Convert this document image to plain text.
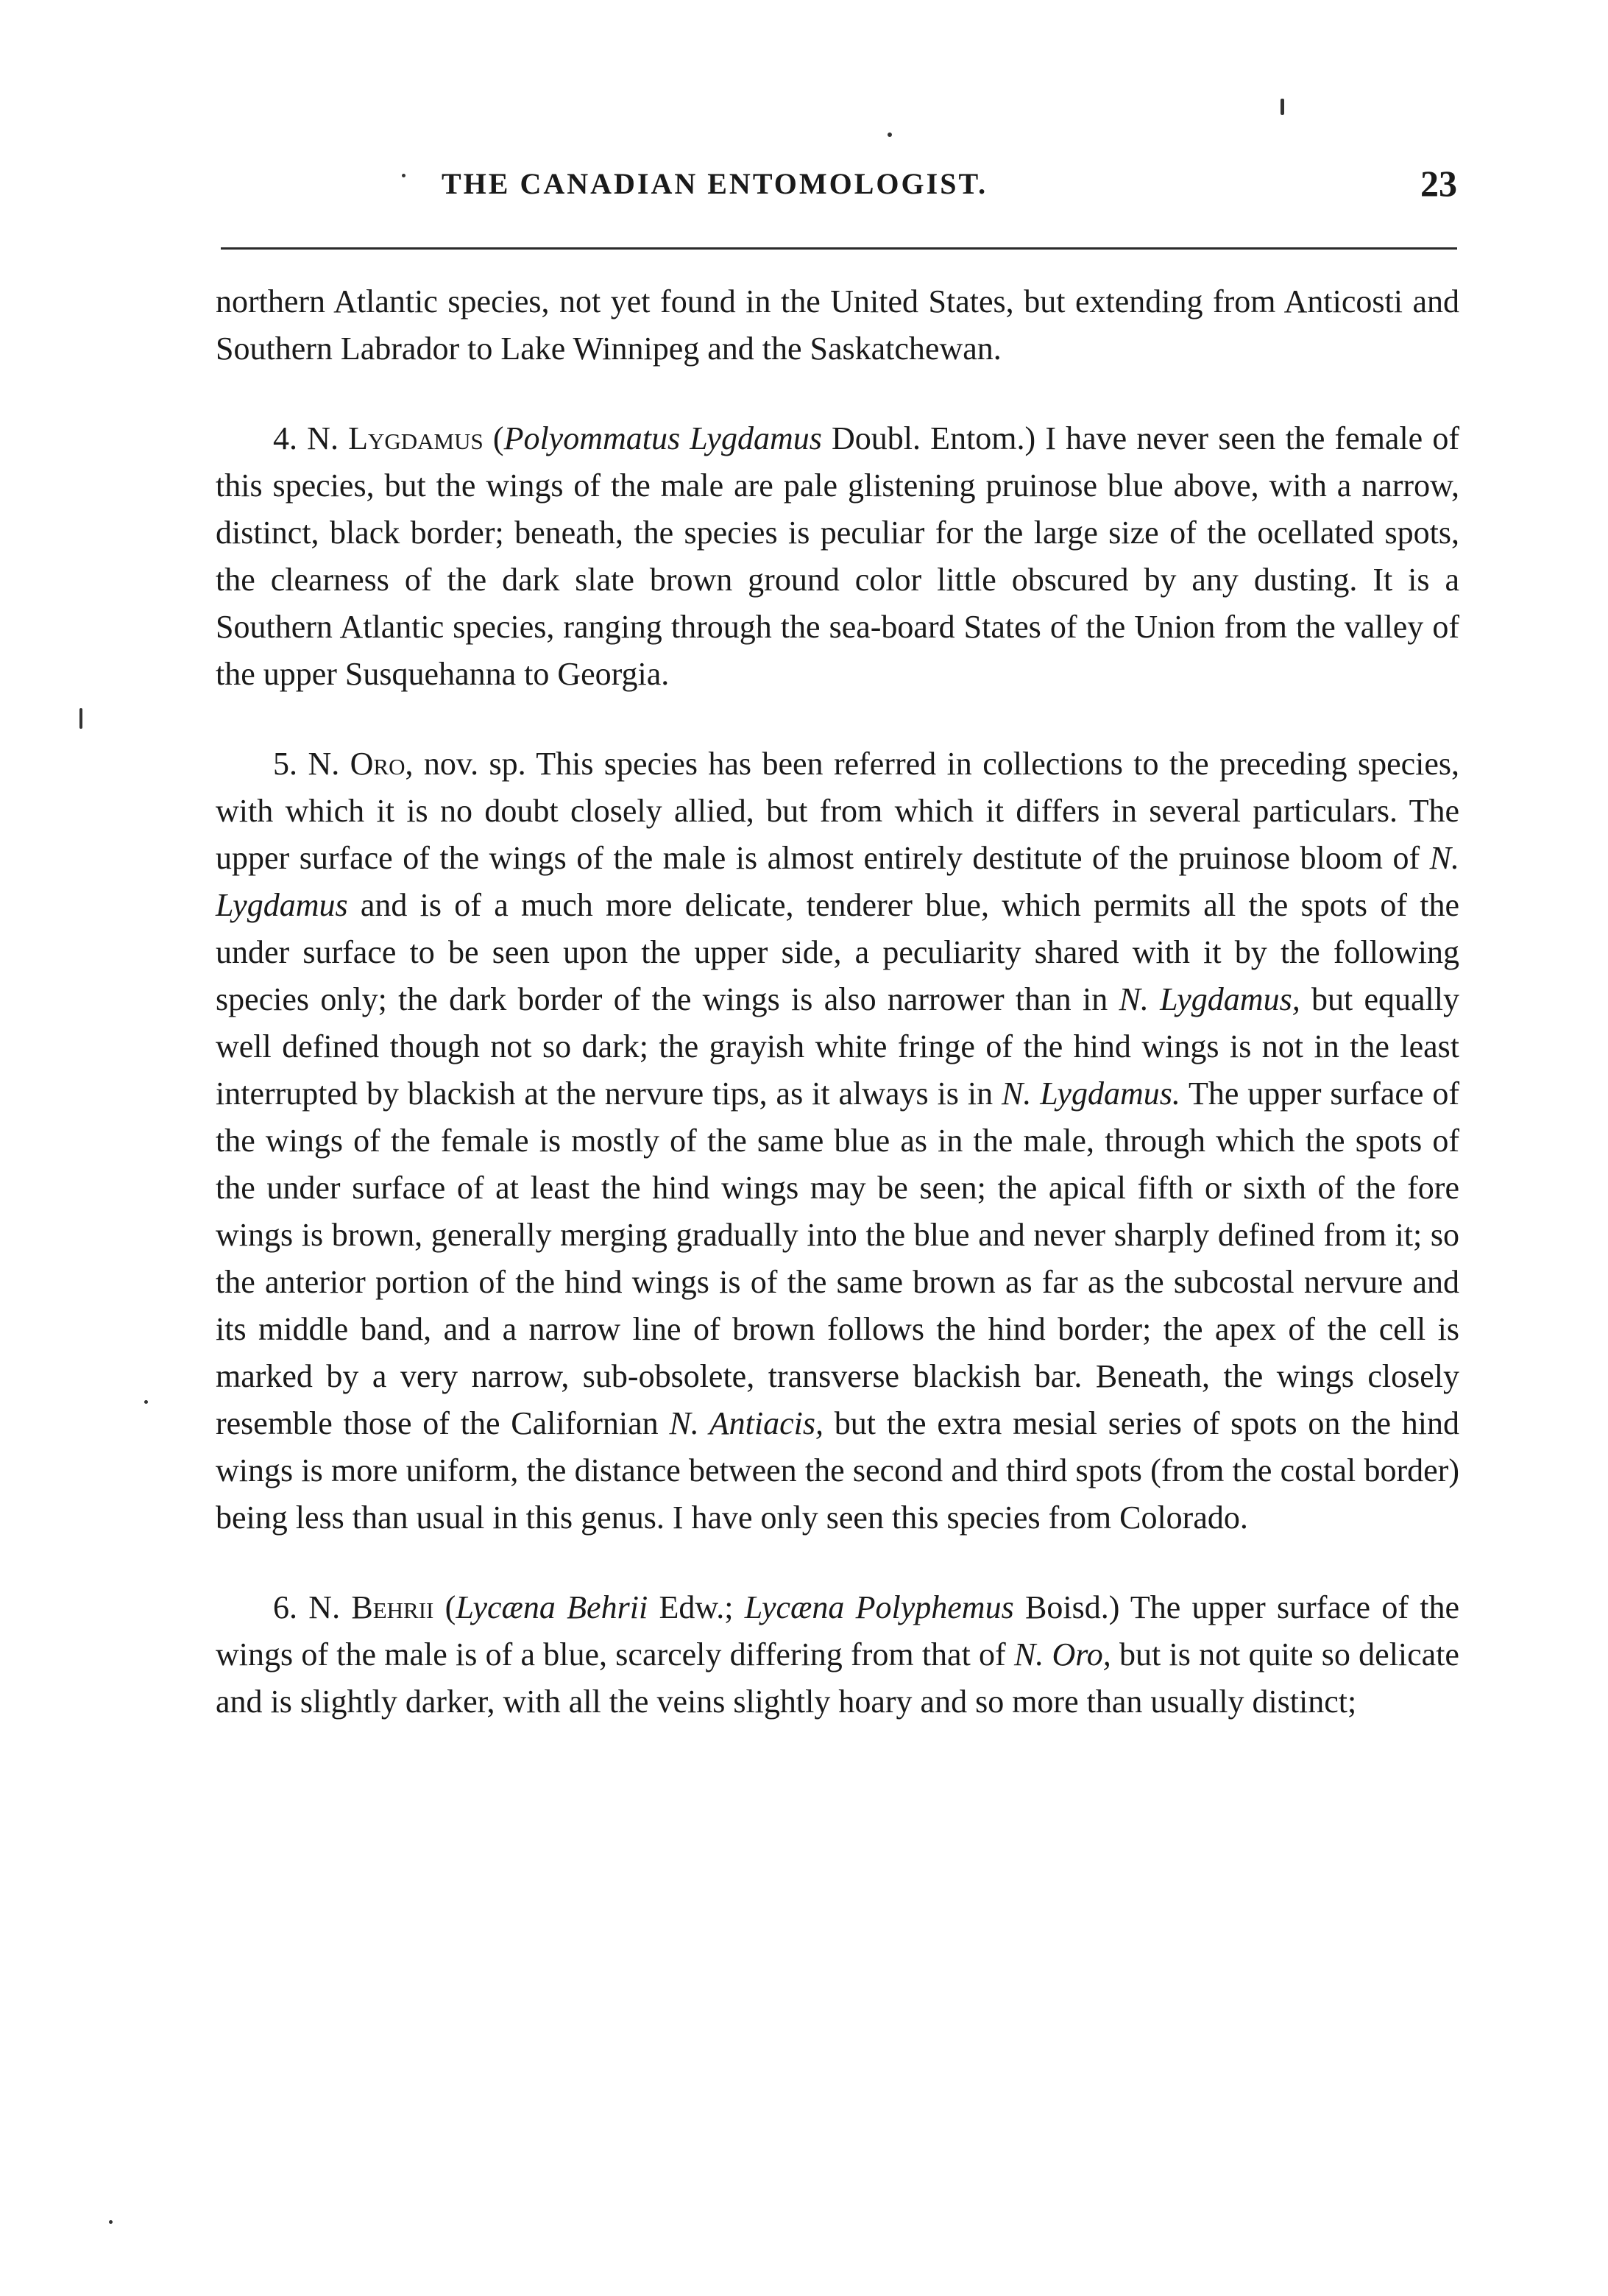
THE CANADIAN ENTOMOLOGIST.	23

northern Atlantic species, not yet found in the United States, but extending from Anticosti and Southern Labrador to Lake Winnipeg and the Saskatchewan.

4. N. Lygdamus (Polyommatus Lygdamus Doubl. Entom.) I have never seen the female of this species, but the wings of the male are pale glistening pruinose blue above, with a narrow, distinct, black border; beneath, the species is peculiar for the large size of the ocellated spots, the clearness of the dark slate brown ground color little obscured by any dusting. It is a Southern Atlantic species, ranging through the sea-board States of the Union from the valley of the upper Susquehanna to Georgia.

5. N. Oro, nov. sp. This species has been referred in collections to the preceding species, with which it is no doubt closely allied, but from which it differs in several particulars. The upper surface of the wings of the male is almost entirely destitute of the pruinose bloom of N. Lygdamus and is of a much more delicate, tenderer blue, which permits all the spots of the under surface to be seen upon the upper side, a peculiarity shared with it by the following species only; the dark border of the wings is also narrower than in N. Lygdamus, but equally well defined though not so dark; the grayish white fringe of the hind wings is not in the least interrupted by blackish at the nervure tips, as it always is in N. Lygdamus. The upper surface of the wings of the female is mostly of the same blue as in the male, through which the spots of the under surface of at least the hind wings may be seen; the apical fifth or sixth of the fore wings is brown, generally merging gradually into the blue and never sharply defined from it; so the anterior portion of the hind wings is of the same brown as far as the subcostal nervure and its middle band, and a narrow line of brown follows the hind border; the apex of the cell is marked by a very narrow, sub-obsolete, transverse blackish bar. Beneath, the wings closely resemble those of the Californian N. Antiacis, but the extra mesial series of spots on the hind wings is more uniform, the distance between the second and third spots (from the costal border) being less than usual in this genus. I have only seen this species from Colorado.

6. N. Behrii (Lycæna Behrii Edw.; Lycæna Polyphemus Boisd.) The upper surface of the wings of the male is of a blue, scarcely differing from that of N. Oro, but is not quite so delicate and is slightly darker, with all the veins slightly hoary and so more than usually distinct;
